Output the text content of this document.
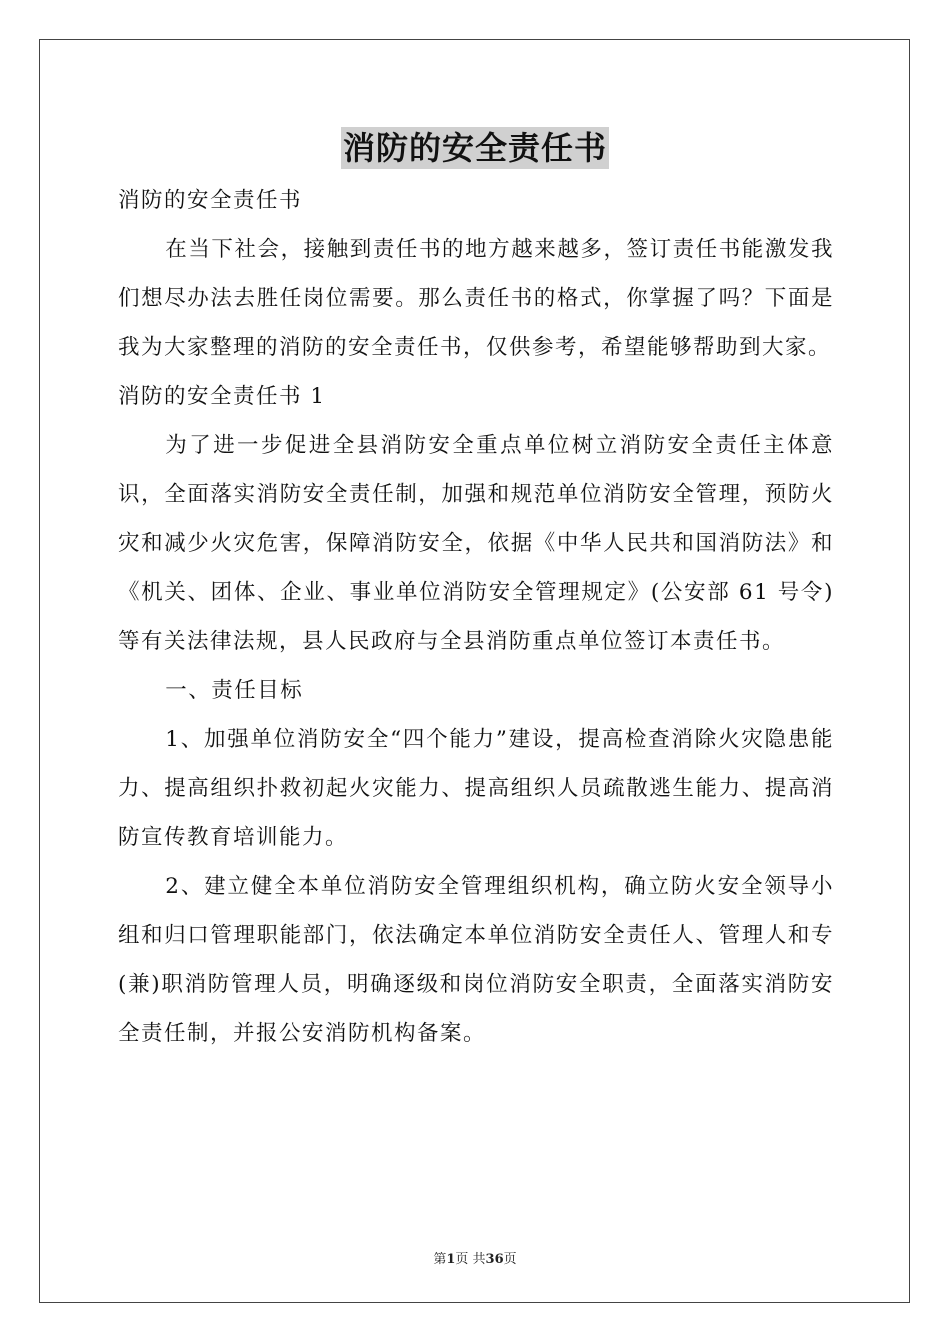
消防的安全责任书

消防的安全责任书

在当下社会，接触到责任书的地方越来越多，签订责任书能激发我们想尽办法去胜任岗位需要。那么责任书的格式，你掌握了吗？下面是我为大家整理的消防的安全责任书，仅供参考，希望能够帮助到大家。

消防的安全责任书 1

为了进一步促进全县消防安全重点单位树立消防安全责任主体意识，全面落实消防安全责任制，加强和规范单位消防安全管理，预防火灾和减少火灾危害，保障消防安全，依据《中华人民共和国消防法》和《机关、团体、企业、事业单位消防安全管理规定》(公安部 61 号令)等有关法律法规，县人民政府与全县消防重点单位签订本责任书。

一、责任目标

1、加强单位消防安全“四个能力”建设，提高检查消除火灾隐患能力、提高组织扑救初起火灾能力、提高组织人员疏散逃生能力、提高消防宣传教育培训能力。

2、建立健全本单位消防安全管理组织机构，确立防火安全领导小组和归口管理职能部门，依法确定本单位消防安全责任人、管理人和专(兼)职消防管理人员，明确逐级和岗位消防安全职责，全面落实消防安全责任制，并报公安消防机构备案。

第1页 共36页
